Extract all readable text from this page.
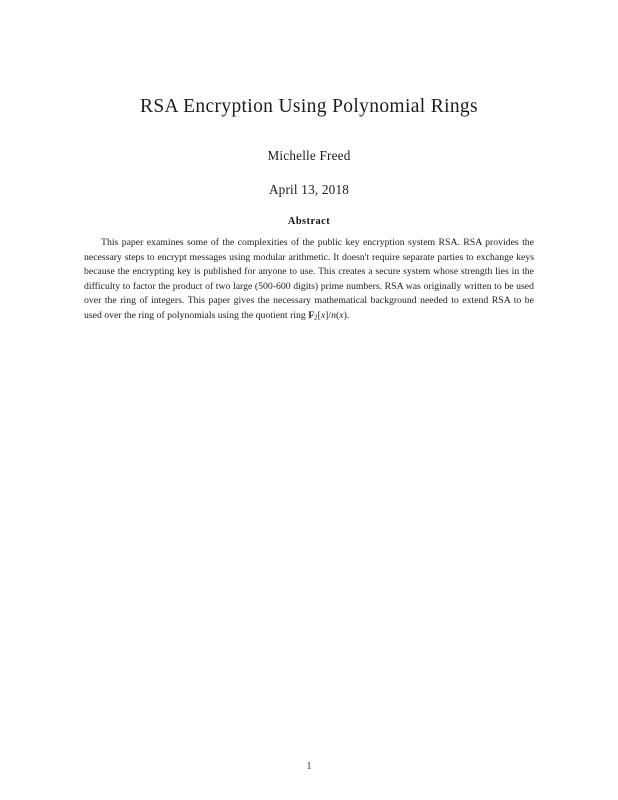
RSA Encryption Using Polynomial Rings

Michelle Freed

April 13, 2018

Abstract

This paper examines some of the complexities of the public key encryption system RSA. RSA provides the necessary steps to encrypt messages using modular arithmetic. It doesn't require separate parties to exchange keys because the encrypting key is published for anyone to use. This creates a secure system whose strength lies in the difficulty to factor the product of two large (500-600 digits) prime numbers. RSA was originally written to be used over the ring of integers. This paper gives the necessary mathematical background needed to extend RSA to be used over the ring of polynomials using the quotient ring $F_2[x]/n(x)$.

1
